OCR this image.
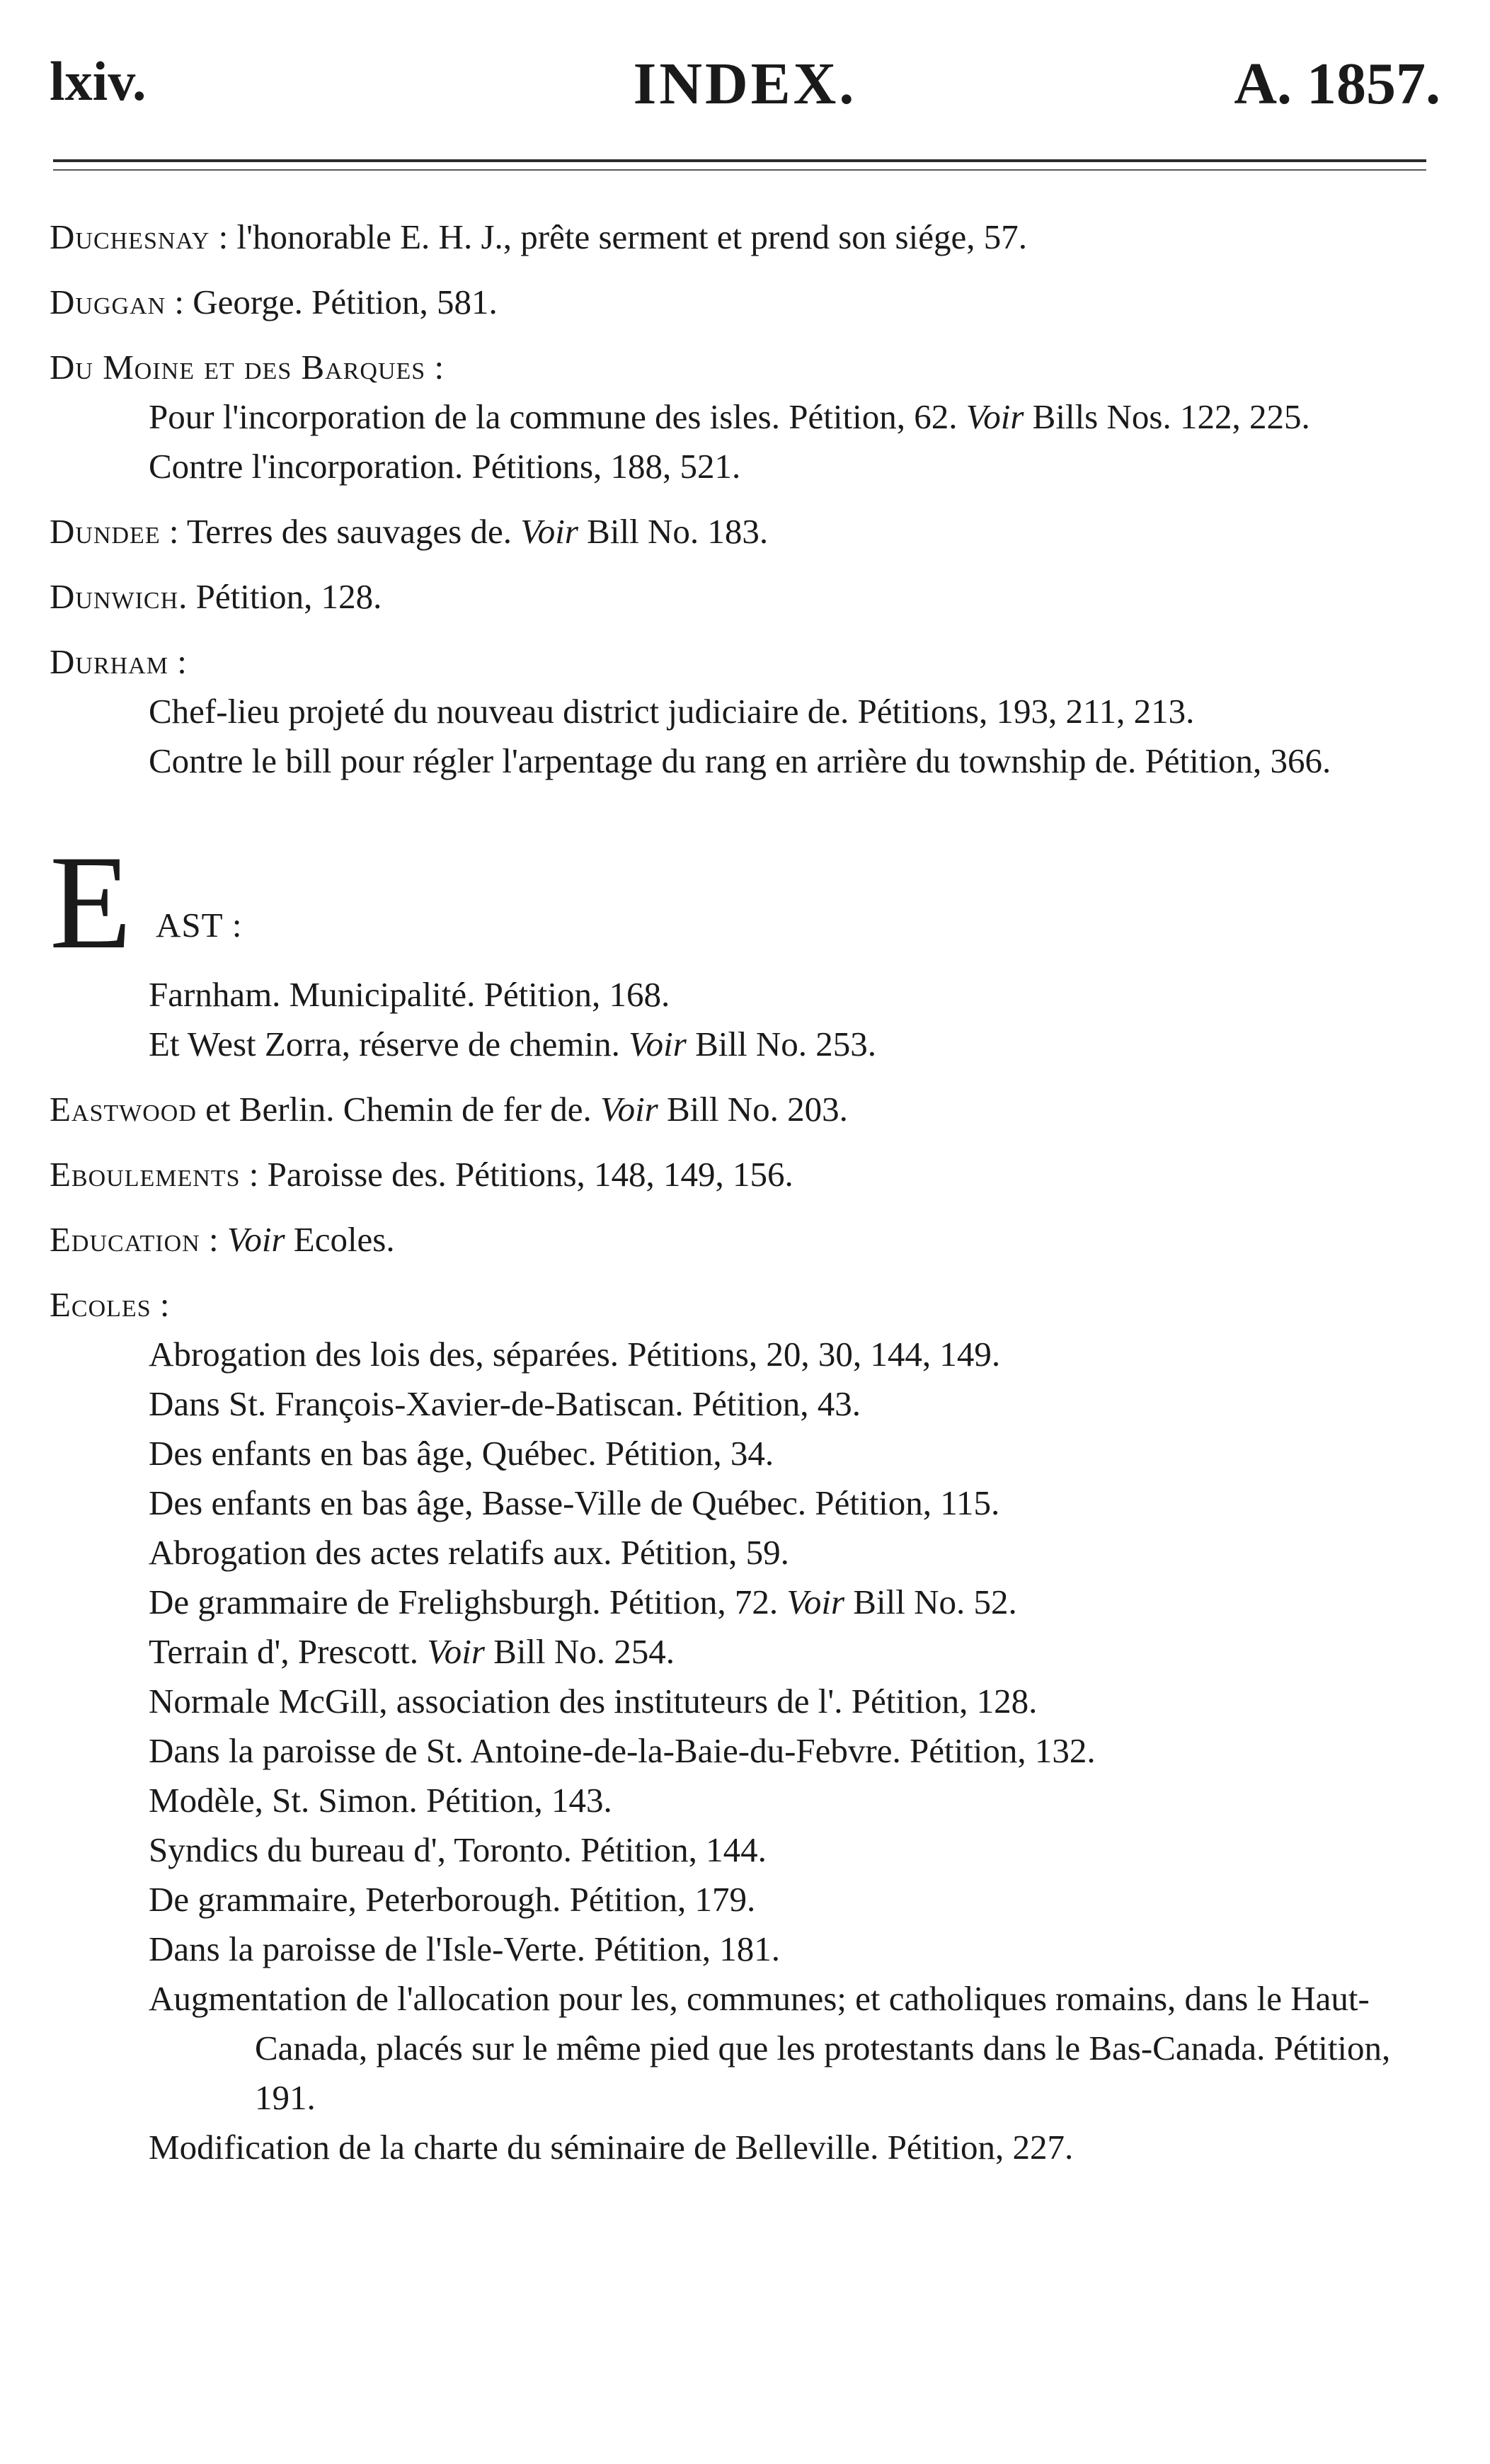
lxiv.	INDEX.	A. 1857.
Duchesnay : l'honorable E. H. J., prête serment et prend son siége, 57.
Duggan : George. Pétition, 581.
Du Moine et des Barques :
Pour l'incorporation de la commune des isles. Pétition, 62. Voir Bills Nos. 122, 225.
Contre l'incorporation. Pétitions, 188, 521.
Dundee : Terres des sauvages de. Voir Bill No. 183.
Dunwich. Pétition, 128.
Durham :
Chef-lieu projeté du nouveau district judiciaire de. Pétitions, 193, 211, 213.
Contre le bill pour régler l'arpentage du rang en arrière du township de. Pétition, 366.
E AST :
Farnham. Municipalité. Pétition, 168.
Et West Zorra, réserve de chemin. Voir Bill No. 253.
Eastwood et Berlin. Chemin de fer de. Voir Bill No. 203.
Eboulements : Paroisse des. Pétitions, 148, 149, 156.
Education : Voir Ecoles.
Ecoles :
Abrogation des lois des, séparées. Pétitions, 20, 30, 144, 149.
Dans St. François-Xavier-de-Batiscan. Pétition, 43.
Des enfants en bas âge, Québec. Pétition, 34.
Des enfants en bas âge, Basse-Ville de Québec. Pétition, 115.
Abrogation des actes relatifs aux. Pétition, 59.
De grammaire de Frelighsburgh. Pétition, 72. Voir Bill No. 52.
Terrain d', Prescott. Voir Bill No. 254.
Normale McGill, association des instituteurs de l'. Pétition, 128.
Dans la paroisse de St. Antoine-de-la-Baie-du-Febvre. Pétition, 132.
Modèle, St. Simon. Pétition, 143.
Syndics du bureau d', Toronto. Pétition, 144.
De grammaire, Peterborough. Pétition, 179.
Dans la paroisse de l'Isle-Verte. Pétition, 181.
Augmentation de l'allocation pour les, communes; et catholiques romains, dans le Haut-Canada, placés sur le même pied que les protestants dans le Bas-Canada. Pétition, 191.
Modification de la charte du séminaire de Belleville. Pétition, 227.
